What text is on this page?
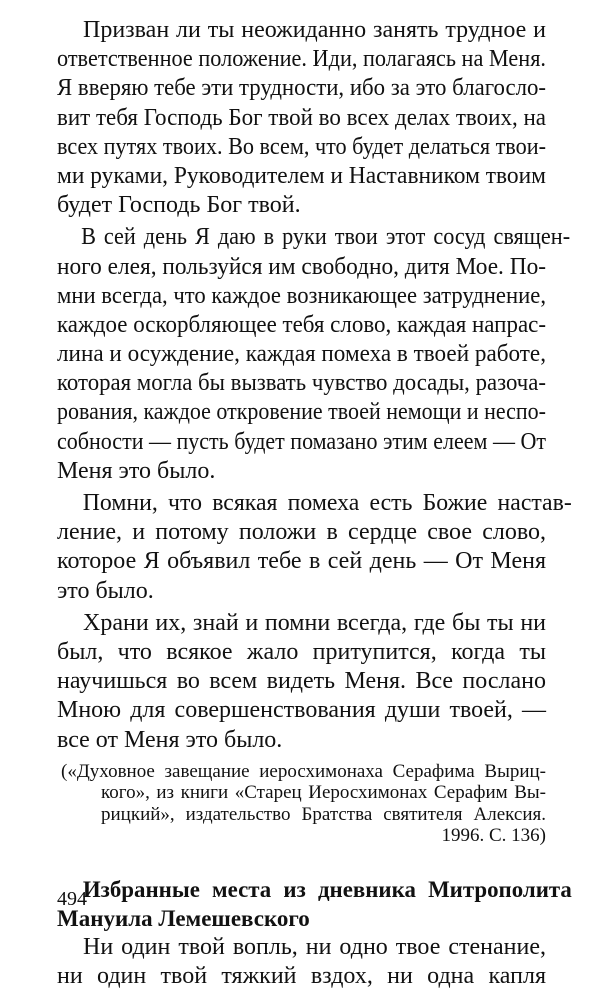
Призван ли ты неожиданно занять трудное и
ответственное положение. Иди, полагаясь на Меня.
Я вверяю тебе эти трудности, ибо за это благосло-
вит тебя Господь Бог твой во всех делах твоих, на
всех путях твоих. Во всем, что будет делаться твои-
ми руками, Руководителем и Наставником твоим
будет Господь Бог твой.
В сей день Я даю в руки твои этот сосуд священ-
ного елея, пользуйся им свободно, дитя Мое. По-
мни всегда, что каждое возникающее затруднение,
каждое оскорбляющее тебя слово, каждая напрас-
лина и осуждение, каждая помеха в твоей работе,
которая могла бы вызвать чувство досады, разоча-
рования, каждое откровение твоей немощи и неспо-
собности — пусть будет помазано этим елеем — От
Меня это было.
Помни, что всякая помеха есть Божие настав-
ление, и потому положи в сердце свое слово,
которое Я объявил тебе в сей день — От Меня
это было.
Храни их, знай и помни всегда, где бы ты ни
был, что всякое жало притупится, когда ты
научишься во всем видеть Меня. Все послано
Мною для совершенствования души твоей, —
все от Меня это было.
(«Духовное завещание иеросхимонаха Серафима Выриц-
кого», из книги «Старец Иеросхимонах Серафим Вы-
рицкий», издательство Братства святителя Алексия.
1996. С. 136)
Избранные места из дневника Митрополита
Мануила Лемешевского
Ни один твой вопль, ни одно твое стенание,
ни один твой тяжкий вздох, ни одна капля
494
